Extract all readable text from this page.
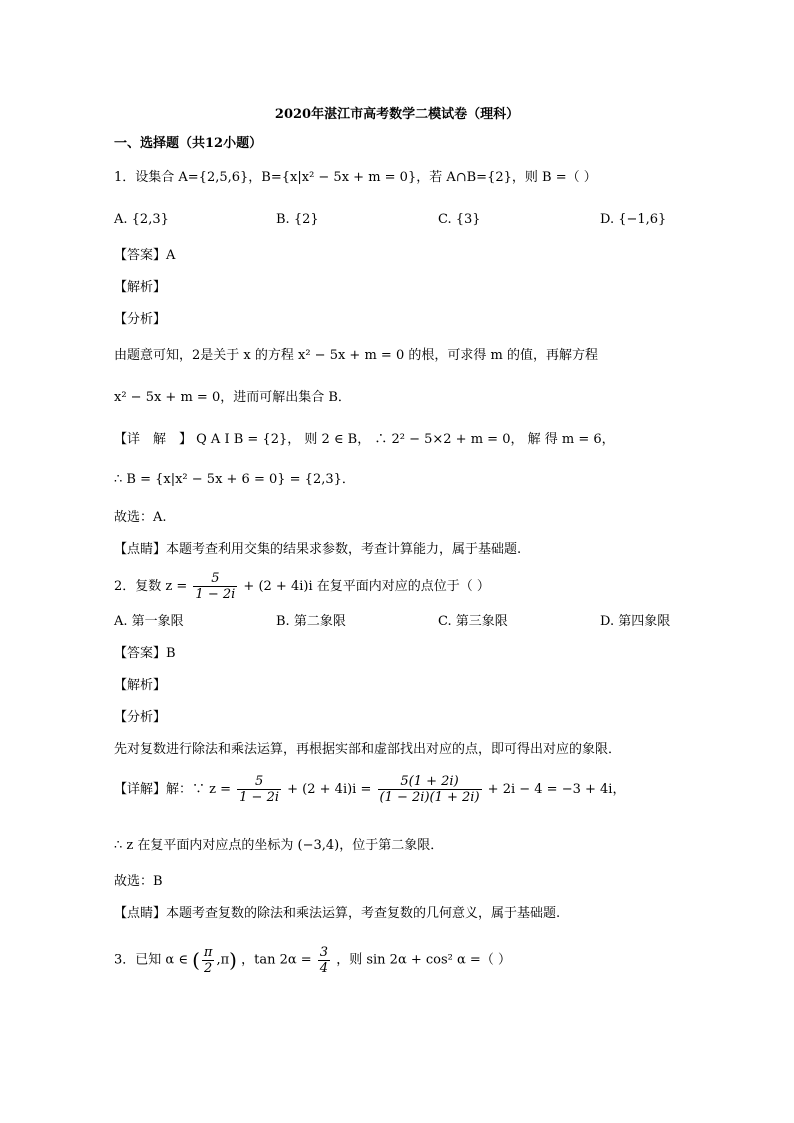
2020年湛江市高考数学二模试卷（理科）
一、选择题（共12小题）
1．设集合 A={2,5,6}，B={x|x² − 5x + m = 0}，若 A∩B={2}，则 B =（ ）
A. {2,3}	B. {2}	C. {3}	D. {−1,6}
【答案】A
【解析】
【分析】
由题意可知，2是关于 x 的方程 x² − 5x + m = 0 的根，可求得 m 的值，再解方程
x² − 5x + m = 0，进而可解出集合 B．
【详　解　】 Q A I B = {2}， 则 2 ∈ B， ∴ 2² − 5×2 + m = 0， 解 得 m = 6，
∴ B = {x|x² − 5x + 6 = 0} = {2,3}．
故选：A.
【点睛】本题考查利用交集的结果求参数，考查计算能力，属于基础题.
2．复数 $z = \frac{5}{1 - 2i} + (2 + 4i)i$ 在复平面内对应的点位于（ ）
A. 第一象限	B. 第二象限	C. 第三象限	D. 第四象限
【答案】B
【解析】
【分析】
先对复数进行除法和乘法运算，再根据实部和虚部找出对应的点，即可得出对应的象限．
【详解】解：∵ $z = \frac{5}{1 - 2i} + (2 + 4i)i = \frac{5(1 + 2i)}{(1 - 2i)(1 + 2i)} + 2i - 4 = -3 + 4i$，
∴ z 在复平面内对应点的坐标为 (−3,4)，位于第二象限．
故选：B
【点睛】本题考查复数的除法和乘法运算，考查复数的几何意义，属于基础题.
3．已知 α ∈ ( $\frac{\pi}{2} ,\pi$) ，$\tan 2\alpha = \frac{3}{4}$ ，则 sin 2α + cos² α =（ ）
